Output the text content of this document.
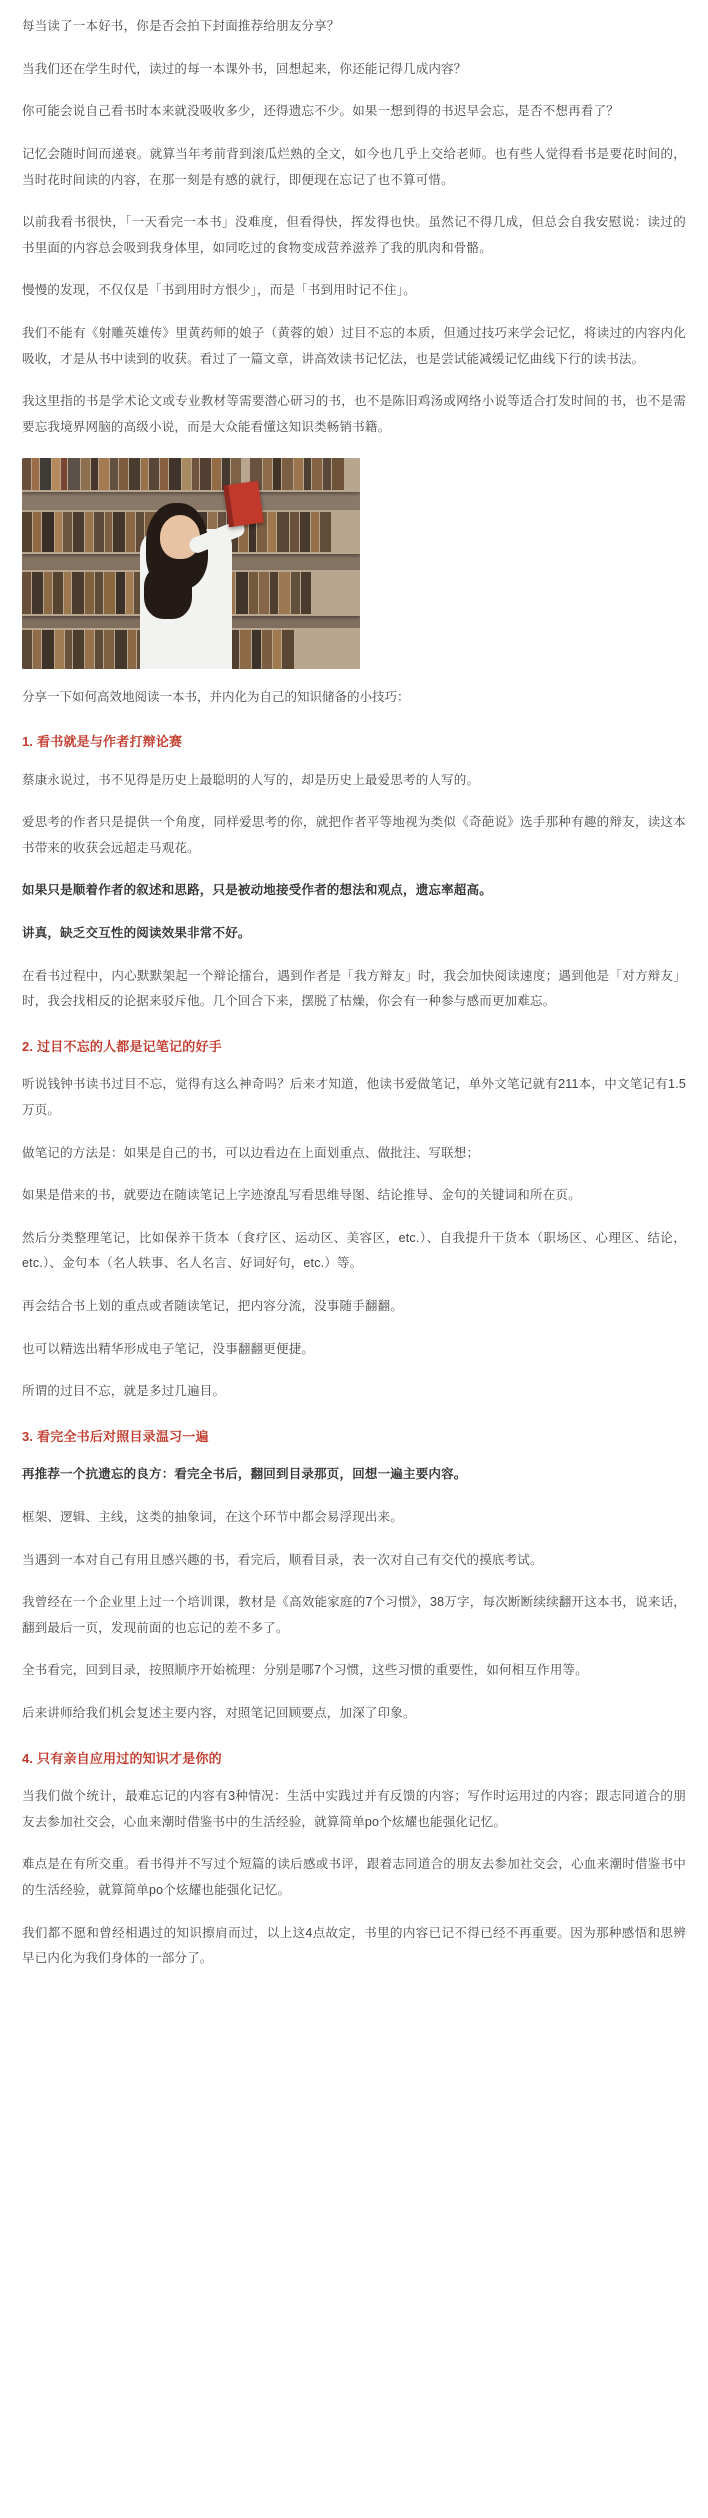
每当读了一本好书，你是否会拍下封面推荐给朋友分享？

当我们还在学生时代，读过的每一本课外书，回想起来，你还能记得几成内容？

你可能会说自己看书时本来就没吸收多少，还得遗忘不少。如果一想到得的书迟早会忘，是否不想再看了？

记忆会随时间而递衰。就算当年考前背到滚瓜烂熟的全文，如今也几乎上交给老师。也有些人觉得看书是要花时间的，当时花时间读的内容，在那一刻是有感的就行，即便现在忘记了也不算可惜。

以前我看书很快，「一天看完一本书」没难度，但看得快，挥发得也快。虽然记不得几成，但总会自我安慰说：读过的书里面的内容总会吸到我身体里，如同吃过的食物变成营养滋养了我的肌肉和骨骼。

慢慢的发现，不仅仅是「书到用时方恨少」，而是「书到用时记不住」。

我们不能有《射雕英雄传》里黄药师的娘子（黄蓉的娘）过目不忘的本质，但通过技巧来学会记忆，将读过的内容内化吸收，才是从书中读到的收获。看过了一篇文章，讲高效读书记忆法，也是尝试能减缓记忆曲线下行的读书法。

我这里指的书是学术论文或专业教材等需要潜心研习的书，也不是陈旧鸡汤或网络小说等适合打发时间的书，也不是需要忘我境界网脑的高级小说，而是大众能看懂这知识类畅销书籍。

分享一下如何高效地阅读一本书，并内化为自己的知识储备的小技巧：

1. 看书就是与作者打辩论赛

蔡康永说过，书不见得是历史上最聪明的人写的，却是历史上最爱思考的人写的。

爱思考的作者只是提供一个角度，同样爱思考的你，就把作者平等地视为类似《奇葩说》选手那种有趣的辩友，读这本书带来的收获会远超走马观花。

如果只是顺着作者的叙述和思路，只是被动地接受作者的想法和观点，遗忘率超高。

讲真，缺乏交互性的阅读效果非常不好。

在看书过程中，内心默默架起一个辩论擂台，遇到作者是「我方辩友」时，我会加快阅读速度；遇到他是「对方辩友」时，我会找相反的论据来驳斥他。几个回合下来，摆脱了枯燥，你会有一种参与感而更加难忘。

2. 过目不忘的人都是记笔记的好手

听说钱钟书读书过目不忘，觉得有这么神奇吗？后来才知道，他读书爱做笔记，单外文笔记就有211本，中文笔记有1.5万页。

做笔记的方法是：如果是自己的书，可以边看边在上面划重点、做批注、写联想；

如果是借来的书，就要边在随读笔记上字迹潦乱写看思维导图、结论推导、金句的关键词和所在页。

然后分类整理笔记，比如保养干货本（食疗区、运动区、美容区，etc.）、自我提升干货本（职场区、心理区、结论，etc.）、金句本（名人轶事、名人名言、好词好句，etc.）等。

再会结合书上划的重点或者随读笔记，把内容分流，没事随手翻翻。

也可以精选出精华形成电子笔记，没事翻翻更便捷。

所谓的过目不忘，就是多过几遍目。

3. 看完全书后对照目录温习一遍

再推荐一个抗遗忘的良方：看完全书后，翻回到目录那页，回想一遍主要内容。

框架、逻辑、主线，这类的抽象词，在这个环节中都会易浮现出来。

当遇到一本对自己有用且感兴趣的书，看完后，顺看目录，表一次对自己有交代的摸底考试。

我曾经在一个企业里上过一个培训课，教材是《高效能家庭的7个习惯》，38万字，每次断断续续翻开这本书，说来话，翻到最后一页，发现前面的也忘记的差不多了。

全书看完，回到目录，按照顺序开始梳理：分别是哪7个习惯，这些习惯的重要性，如何相互作用等。

后来讲师给我们机会复述主要内容，对照笔记回顾要点，加深了印象。

4. 只有亲自应用过的知识才是你的

当我们做个统计，最难忘记的内容有3种情况：生活中实践过并有反馈的内容；写作时运用过的内容；跟志同道合的朋友去参加社交会，心血来潮时借鉴书中的生活经验，就算简单po个炫耀也能强化记忆。

难点是在有所交重。看书得并不写过个短篇的读后感或书评，跟着志同道合的朋友去参加社交会，心血来潮时借鉴书中的生活经验，就算简单po个炫耀也能强化记忆。

我们都不愿和曾经相遇过的知识擦肩而过，以上这4点故定，书里的内容已记不得已经不再重要。因为那种感悟和思辨早已内化为我们身体的一部分了。
